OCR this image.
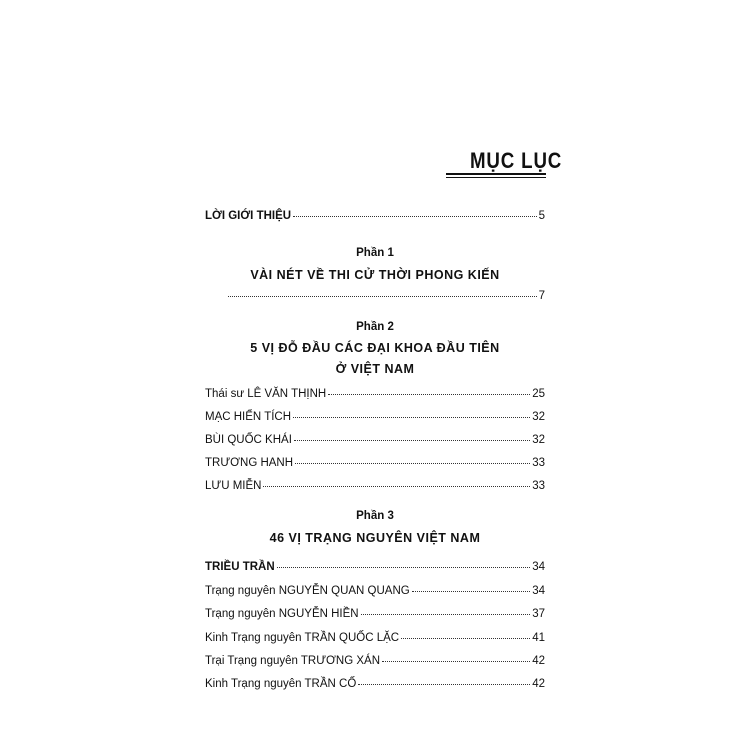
MỤC LỤC
LỜI GIỚI THIỆU	5
Phần 1
VÀI NÉT VỀ THI CỬ THỜI PHONG KIẾN
7
Phần 2
5 VỊ ĐỖ ĐẦU CÁC ĐẠI KHOA ĐẦU TIÊN
Ở VIỆT NAM
Thái sư LÊ VĂN THỊNH	25
MẠC HIỂN TÍCH	32
BÙI QUỐC KHÁI	32
TRƯƠNG HANH	33
LƯU MIỄN	33
Phần 3
46 VỊ TRẠNG NGUYÊN VIỆT NAM
TRIỀU TRẦN	34
Trạng nguyên NGUYỄN QUAN QUANG	34
Trạng nguyên NGUYỄN HIỀN	37
Kinh Trạng nguyên TRẦN QUỐC LẶC	41
Trại Trạng nguyên TRƯƠNG XÁN	42
Kinh Trạng nguyên TRẦN CỐ	42
